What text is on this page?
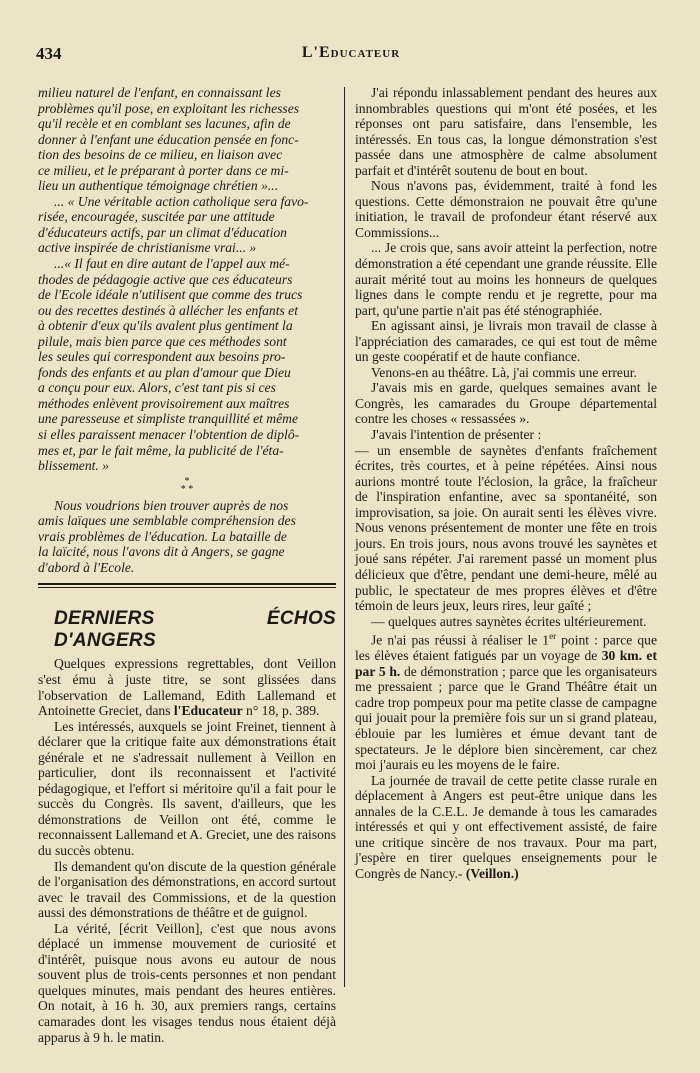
434	L'Educateur

milieu naturel de l'enfant, en connaissant les

problèmes qu'il pose, en exploitant les richesses

qu'il recèle et en comblant ses lacunes, afin de

donner à l'enfant une éducation pensée en fonc-

tion des besoins de ce milieu, en liaison avec

ce milieu, et le préparant à porter dans ce mi-

lieu un authentique témoignage chrétien »...

... « Une véritable action catholique sera favo-

risée, encouragée, suscitée par une attitude

d'éducateurs actifs, par un climat d'éducation

active inspirée de christianisme vrai... »

...« Il faut en dire autant de l'appel aux mé-

thodes de pédagogie active que ces éducateurs

de l'Ecole idéale n'utilisent que comme des trucs

ou des recettes destinés à allécher les enfants et

à obtenir d'eux qu'ils avalent plus gentiment la

pilule, mais bien parce que ces méthodes sont

les seules qui correspondent aux besoins pro-

fonds des enfants et au plan d'amour que Dieu

a conçu pour eux. Alors, c'est tant pis si ces

méthodes enlèvent provisoirement aux maîtres

une paresseuse et simpliste tranquillité et même

si elles paraissent menacer l'obtention de diplô-

mes et, par le fait même, la publicité de l'éta-

blissement. »

*
* *

Nous voudrions bien trouver auprès de nos

amis laïques une semblable compréhension des

vrais problèmes de l'éducation. La bataille de

la laïcité, nous l'avons dit à Angers, se gagne

d'abord à l'Ecole.

DERNIERS ÉCHOS D'ANGERS

Quelques expressions regrettables, dont Veillon s'est ému à juste titre, se sont glissées dans l'observation de Lallemand, Edith Lallemand et Antoinette Greciet, dans l'Educateur n° 18, p. 389.

Les intéressés, auxquels se joint Freinet, tiennent à déclarer que la critique faite aux démonstrations était générale et ne s'adressait nullement à Veillon en particulier, dont ils reconnaissent et l'activité pédagogique, et l'effort si méritoire qu'il a fait pour le succès du Congrès. Ils savent, d'ailleurs, que les démonstrations de Veillon ont été, comme le reconnaissent Lallemand et A. Greciet, une des raisons du succès obtenu.

Ils demandent qu'on discute de la question générale de l'organisation des démonstrations, en accord surtout avec le travail des Commissions, et de la question aussi des démonstrations de théâtre et de guignol.

La vérité, [écrit Veillon], c'est que nous avons déplacé un immense mouvement de curiosité et d'intérêt, puisque nous avons eu autour de nous souvent plus de trois-cents personnes et non pendant quelques minutes, mais pendant des heures entières. On notait, à 16 h. 30, aux premiers rangs, certains camarades dont les visages tendus nous étaient déjà apparus à 9 h. le matin.

J'ai répondu inlassablement pendant des heures aux innombrables questions qui m'ont été posées, et les réponses ont paru satisfaire, dans l'ensemble, les intéressés. En tous cas, la longue démonstration s'est passée dans une atmosphère de calme absolument parfait et d'intérêt soutenu de bout en bout.

Nous n'avons pas, évidemment, traité à fond les questions. Cette démonstraion ne pouvait être qu'une initiation, le travail de profondeur étant réservé aux Commissions...

... Je crois que, sans avoir atteint la perfection, notre démonstration a été cependant une grande réussite. Elle aurait mérité tout au moins les honneurs de quelques lignes dans le compte rendu et je regrette, pour ma part, qu'une partie n'ait pas été sténographiée.

En agissant ainsi, je livrais mon travail de classe à l'appréciation des camarades, ce qui est tout de même un geste coopératif et de haute confiance.

Venons-en au théâtre. Là, j'ai commis une erreur.

J'avais mis en garde, quelques semaines avant le Congrès, les camarades du Groupe départemental contre les choses « ressassées ».

J'avais l'intention de présenter :

— un ensemble de saynètes d'enfants fraîchement écrites, très courtes, et à peine répétées. Ainsi nous aurions montré toute l'éclosion, la grâce, la fraîcheur de l'inspiration enfantine, avec sa spontanéité, son improvisation, sa joie. On aurait senti les élèves vivre. Nous venons présentement de monter une fête en trois jours. En trois jours, nous avons trouvé les saynètes et joué sans répéter. J'ai rarement passé un moment plus délicieux que d'être, pendant une demi-heure, mêlé au public, le spectateur de mes propres élèves et d'être témoin de leurs jeux, leurs rires, leur gaîté ;

— quelques autres saynètes écrites ultérieurement.

Je n'ai pas réussi à réaliser le 1er point : parce que les élèves étaient fatigués par un voyage de 30 km. et par 5 h. de démonstration ; parce que les organisateurs me pressaient ; parce que le Grand Théâtre était un cadre trop pompeux pour ma petite classe de campagne qui jouait pour la première fois sur un si grand plateau, éblouie par les lumières et émue devant tant de spectateurs. Je le déplore bien sincèrement, car chez moi j'aurais eu les moyens de le faire.

La journée de travail de cette petite classe rurale en déplacement à Angers est peut-être unique dans les annales de la C.E.L. Je demande à tous les camarades intéressés et qui y ont effectivement assisté, de faire une critique sincère de nos travaux. Pour ma part, j'espère en tirer quelques enseignements pour le Congrès de Nancy.- (Veillon.)
